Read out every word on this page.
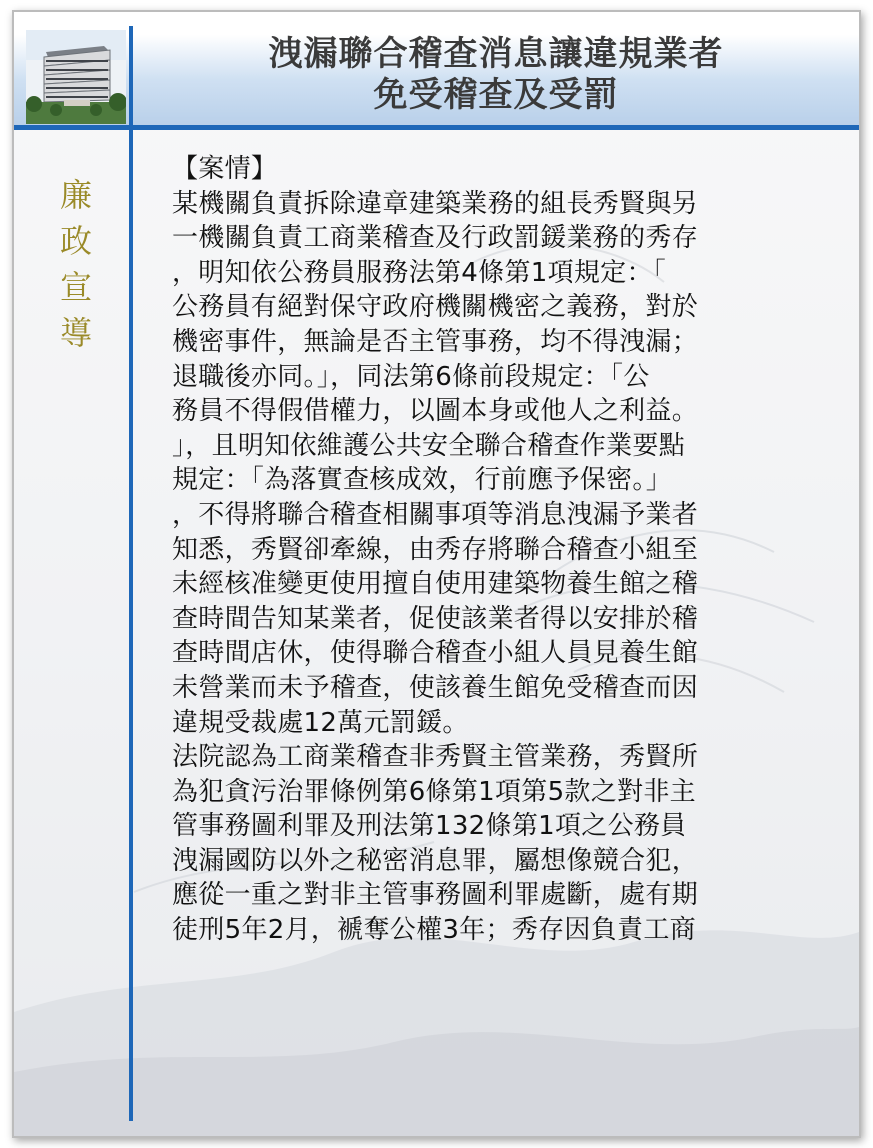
洩漏聯合稽查消息讓違規業者
免受稽查及受罰
廉
政
宣
導
【案情】
某機關負責拆除違章建築業務的組長秀賢與另
一機關負責工商業稽查及行政罰鍰業務的秀存
，明知依公務員服務法第4條第1項規定：「
公務員有絕對保守政府機關機密之義務，對於
機密事件，無論是否主管事務，均不得洩漏；
退職後亦同。」，同法第6條前段規定：「公
務員不得假借權力，以圖本身或他人之利益。
」，且明知依維護公共安全聯合稽查作業要點
規定：「為落實查核成效，行前應予保密。」
，不得將聯合稽查相關事項等消息洩漏予業者
知悉，秀賢卻牽線，由秀存將聯合稽查小組至
未經核准變更使用擅自使用建築物養生館之稽
查時間告知某業者，促使該業者得以安排於稽
查時間店休，使得聯合稽查小組人員見養生館
未營業而未予稽查，使該養生館免受稽查而因
違規受裁處12萬元罰鍰。
法院認為工商業稽查非秀賢主管業務，秀賢所
為犯貪污治罪條例第6條第1項第5款之對非主
管事務圖利罪及刑法第132條第1項之公務員
洩漏國防以外之秘密消息罪，屬想像競合犯，
應從一重之對非主管事務圖利罪處斷，處有期
徒刑5年2月，褫奪公權3年；秀存因負責工商
